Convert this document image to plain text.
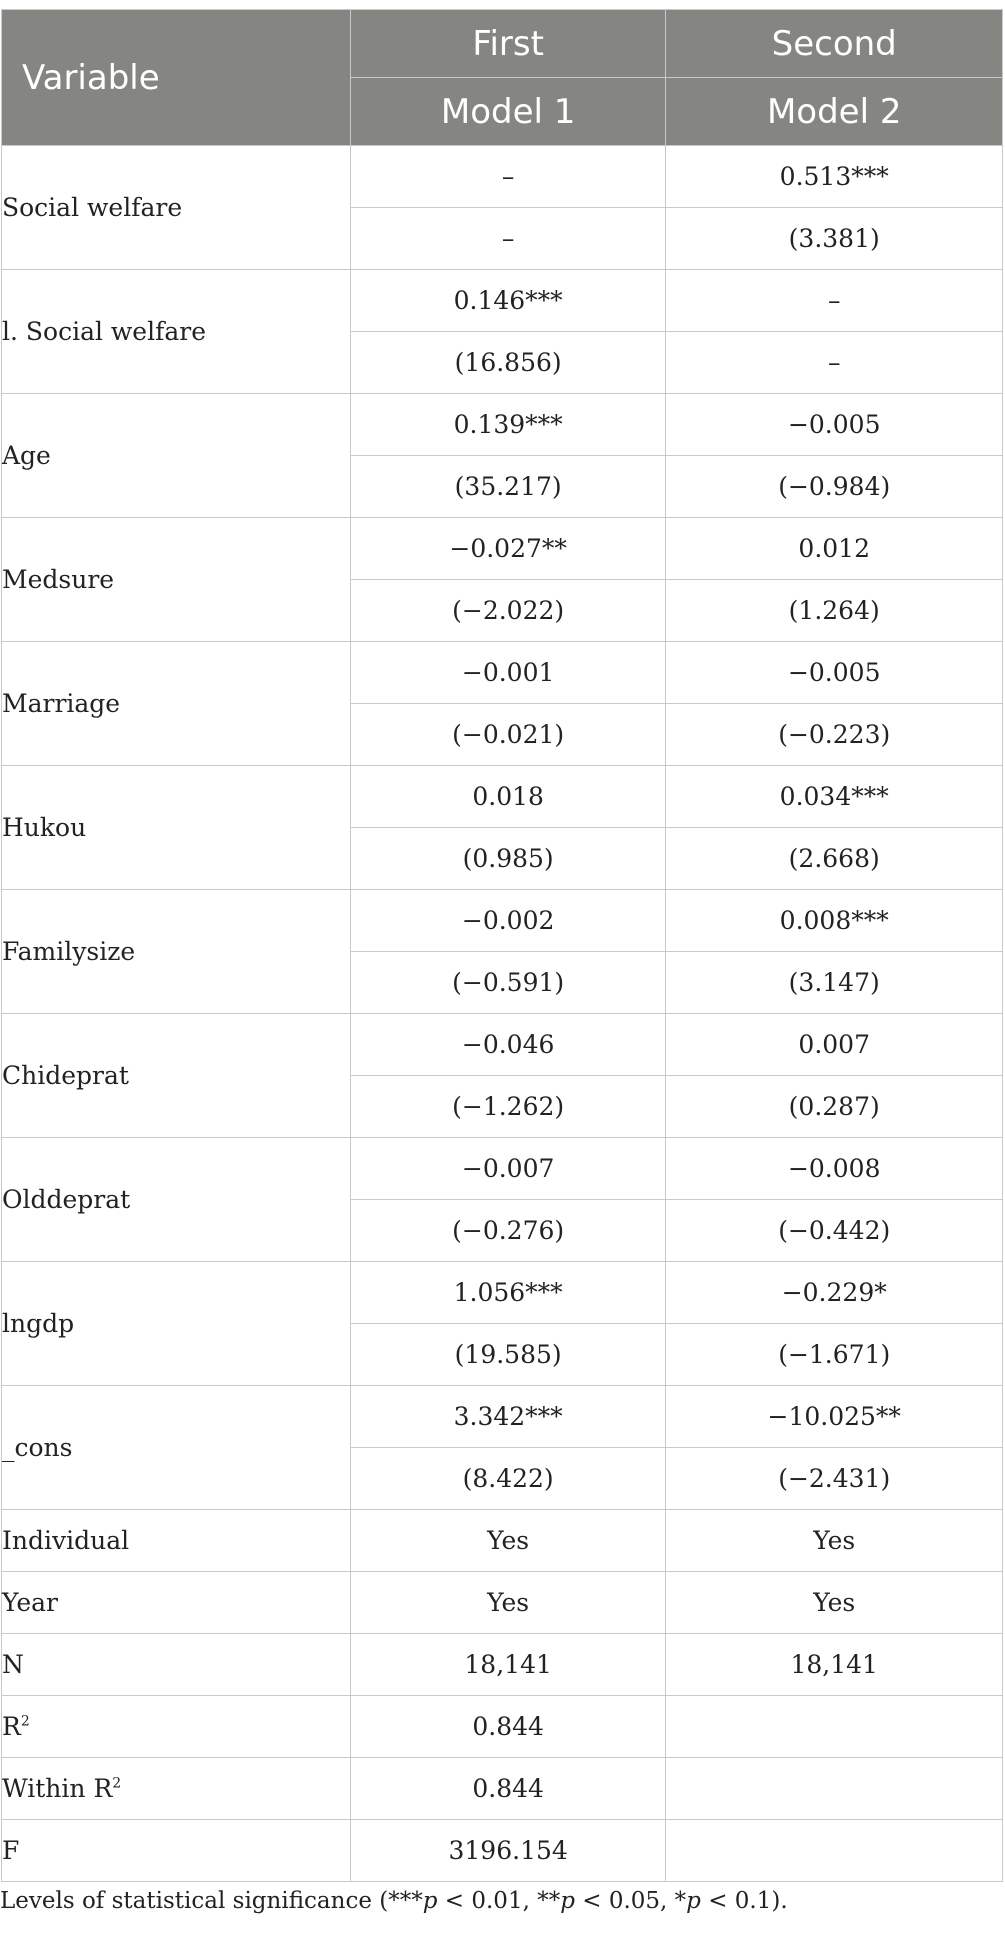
Variable	First	Second
	Model 1	Model 2
Social welfare	–	0.513***
	–	(3.381)
l. Social welfare	0.146***	–
	(16.856)	–
Age	0.139***	−0.005
	(35.217)	(−0.984)
Medsure	−0.027**	0.012
	(−2.022)	(1.264)
Marriage	−0.001	−0.005
	(−0.021)	(−0.223)
Hukou	0.018	0.034***
	(0.985)	(2.668)
Familysize	−0.002	0.008***
	(−0.591)	(3.147)
Chideprat	−0.046	0.007
	(−1.262)	(0.287)
Olddeprat	−0.007	−0.008
	(−0.276)	(−0.442)
lngdp	1.056***	−0.229*
	(19.585)	(−1.671)
_cons	3.342***	−10.025**
	(8.422)	(−2.431)
Individual	Yes	Yes
Year	Yes	Yes
N	18,141	18,141
$R^2$	0.844	
Within $R^2$	0.844	
F	3196.154	
Levels of statistical significance (***p < 0.01, **p < 0.05, *p < 0.1).
